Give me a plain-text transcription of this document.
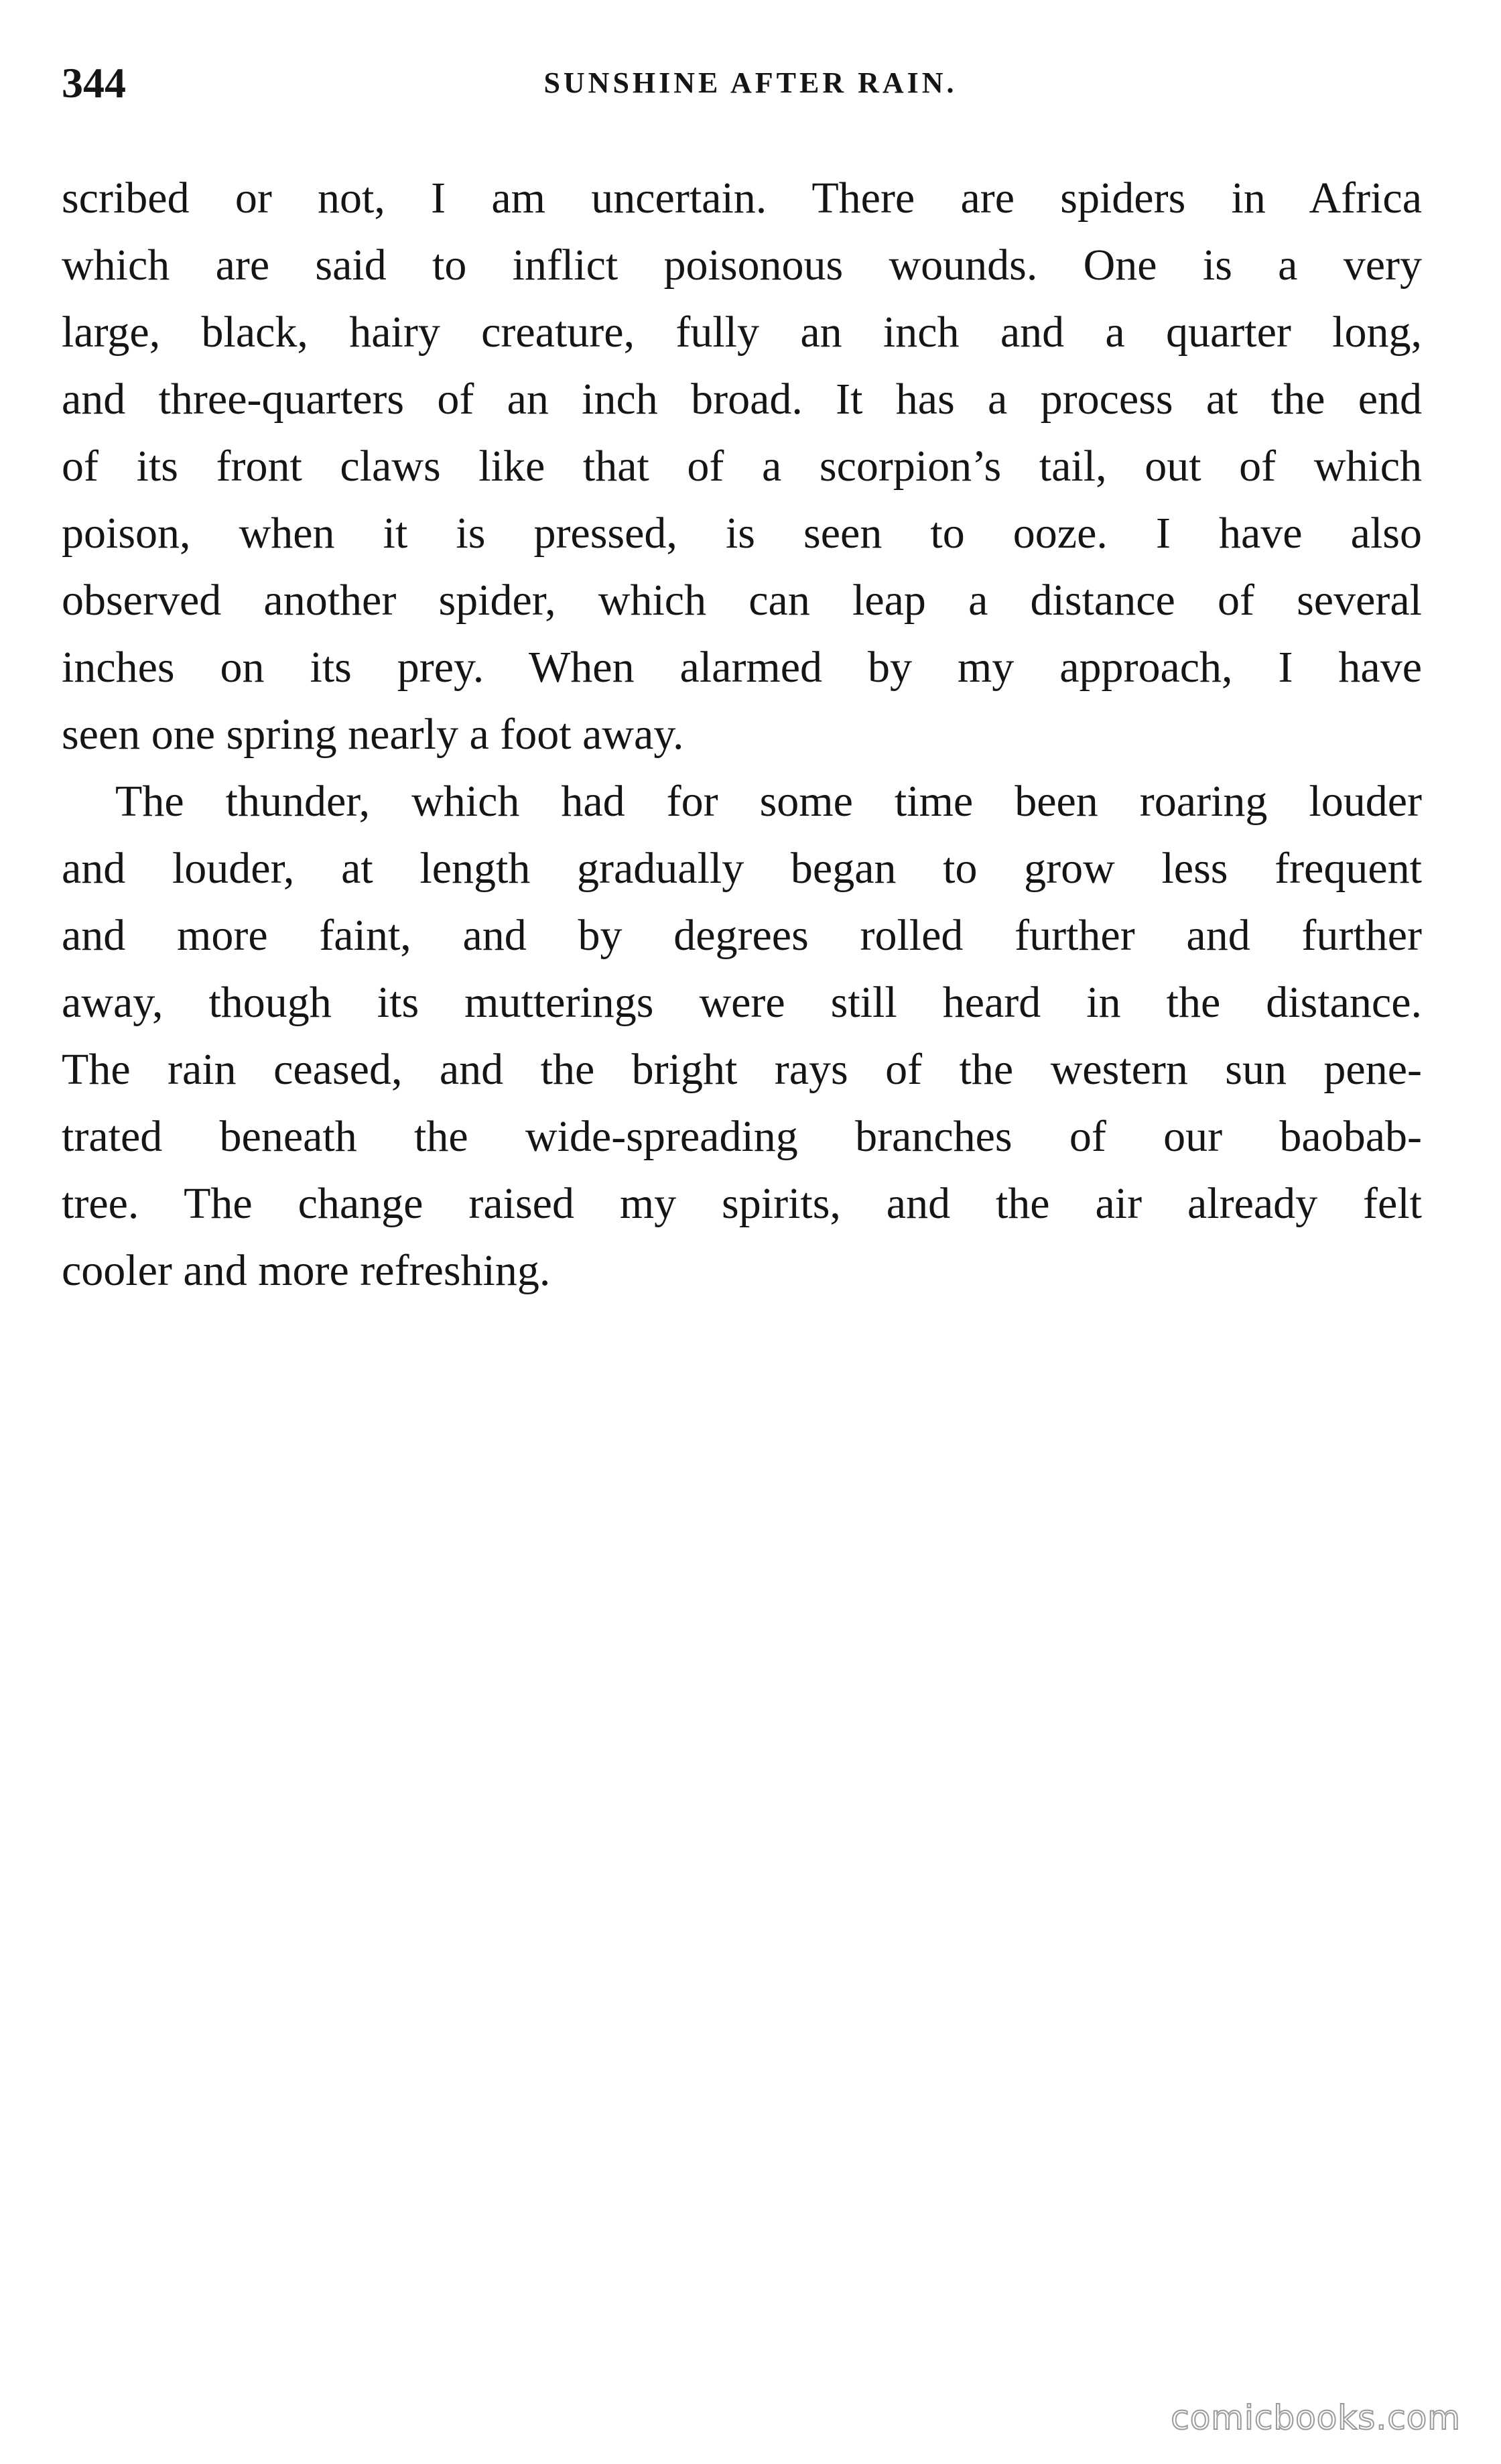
344	SUNSHINE AFTER RAIN.

scribed or not, I am uncertain. There are spiders in Africa
which are said to inflict poisonous wounds. One is a very
large, black, hairy creature, fully an inch and a quarter long,
and three-quarters of an inch broad. It has a process at the end
of its front claws like that of a scorpion’s tail, out of which
poison, when it is pressed, is seen to ooze. I have also
observed another spider, which can leap a distance of several
inches on its prey. When alarmed by my approach, I have
seen one spring nearly a foot away.

The thunder, which had for some time been roaring louder
and louder, at length gradually began to grow less frequent
and more faint, and by degrees rolled further and further
away, though its mutterings were still heard in the distance.
The rain ceased, and the bright rays of the western sun pene-
trated beneath the wide-spreading branches of our baobab-
tree. The change raised my spirits, and the air already felt
cooler and more refreshing.

comicbooks.com
